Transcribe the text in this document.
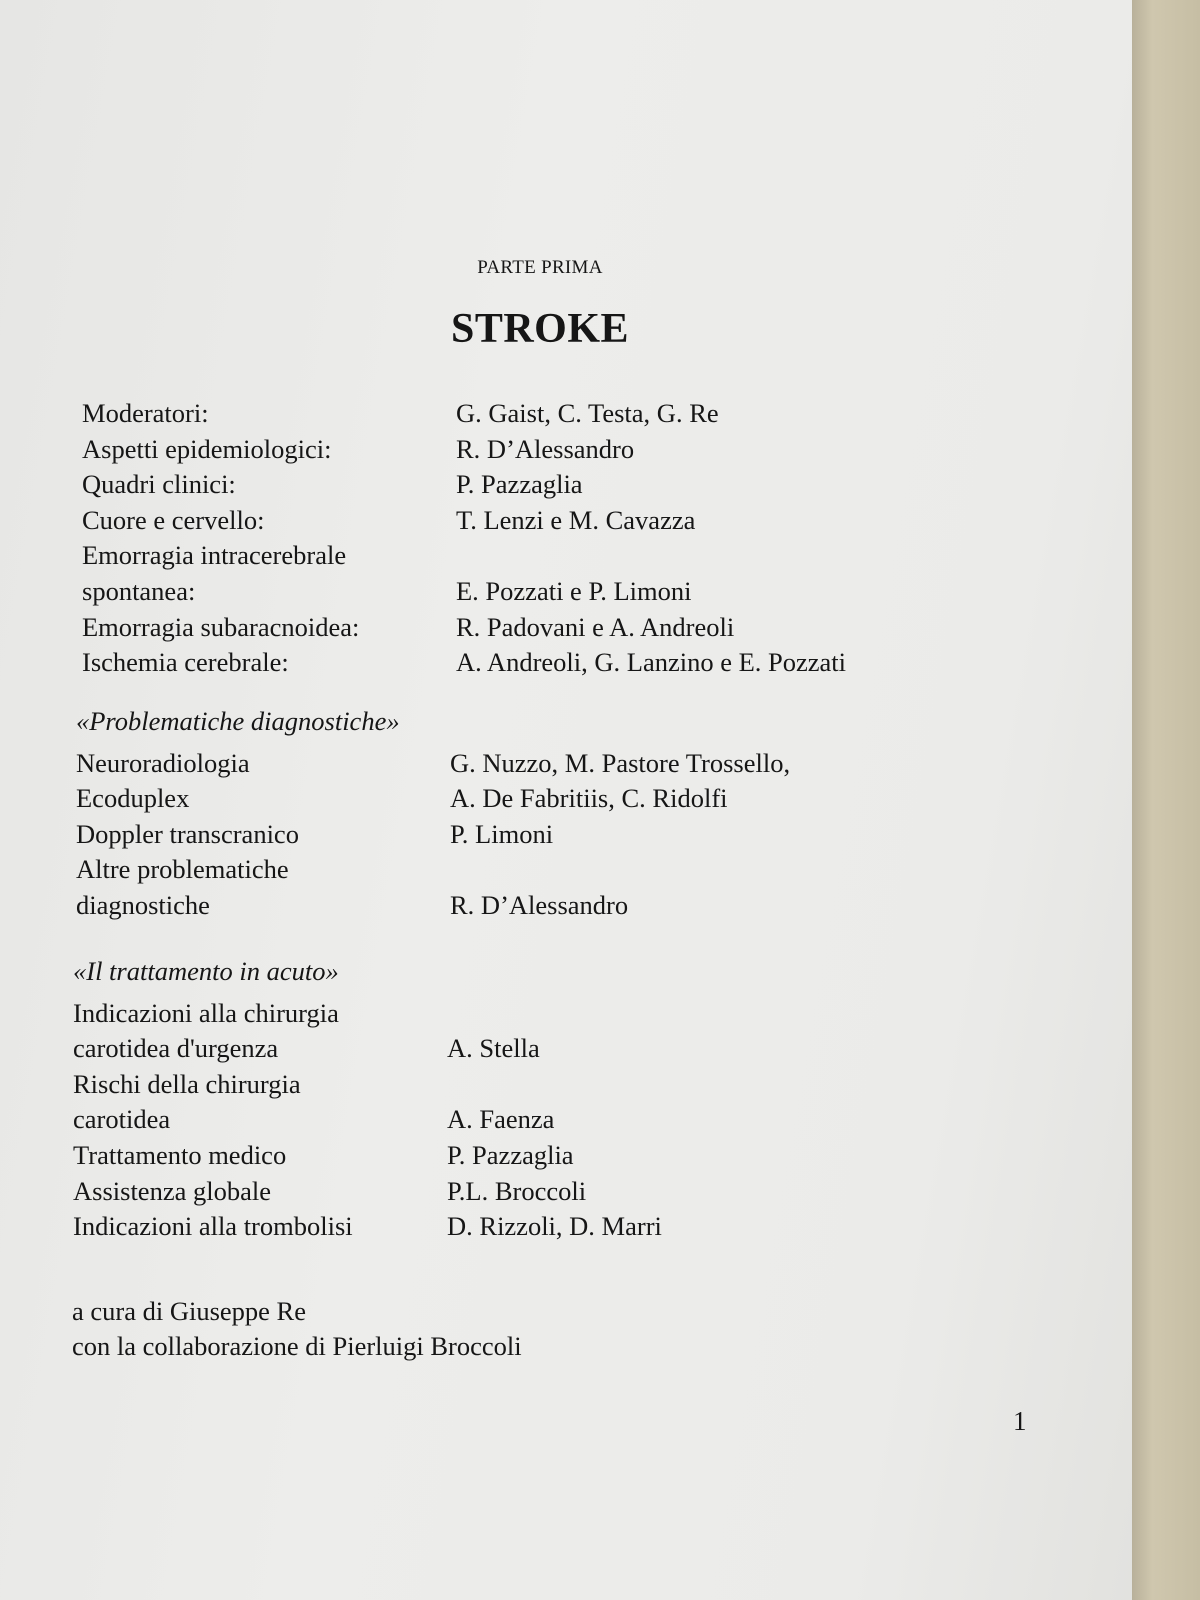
PARTE PRIMA
STROKE
Moderatori:	G. Gaist, C. Testa, G. Re
Aspetti epidemiologici:	R. D’Alessandro
Quadri clinici:	P. Pazzaglia
Cuore e cervello:	T. Lenzi e M. Cavazza
Emorragia intracerebrale
spontanea:	E. Pozzati e P. Limoni
Emorragia subaracnoidea:	R. Padovani e A. Andreoli
Ischemia cerebrale:	A. Andreoli, G. Lanzino e E. Pozzati
«Problematiche diagnostiche»
Neuroradiologia	G. Nuzzo, M. Pastore Trossello,
Ecoduplex	A. De Fabritiis, C. Ridolfi
Doppler transcranico	P. Limoni
Altre problematiche
diagnostiche	R. D’Alessandro
«Il trattamento in acuto»
Indicazioni alla chirurgia
carotidea d'urgenza	A. Stella
Rischi della chirurgia
carotidea	A. Faenza
Trattamento medico	P. Pazzaglia
Assistenza globale	P.L. Broccoli
Indicazioni alla trombolisi	D. Rizzoli, D. Marri
a cura di Giuseppe Re
con la collaborazione di Pierluigi Broccoli
1
